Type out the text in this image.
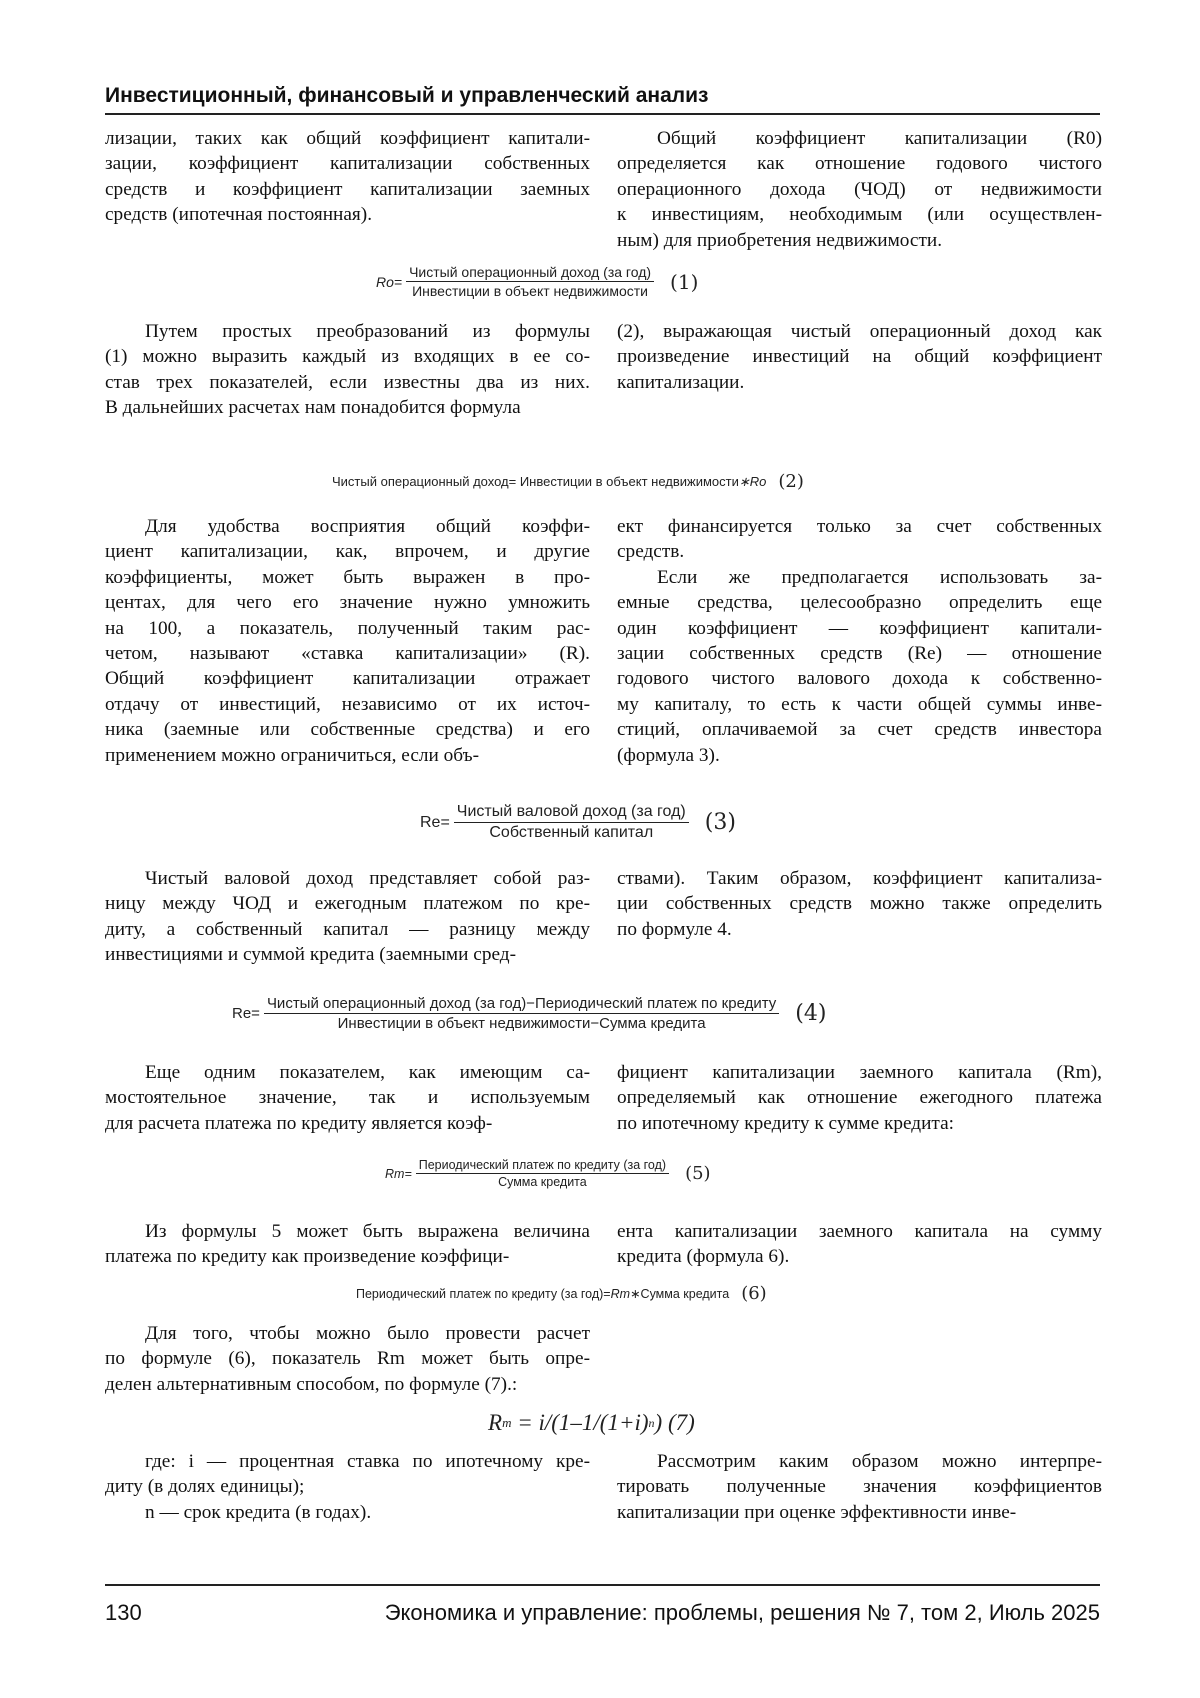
Инвестиционный, финансовый и управленческий анализ
лизации, таких как общий коэффициент капитали-
зации, коэффициент капитализации собственных
средств и коэффициент капитализации заемных
средств (ипотечная постоянная).
Общий коэффициент капитализации (R0)
определяется как отношение годового чистого
операционного дохода (ЧОД) от недвижимости
к инвестициям, необходимым (или осуществлен-
ным) для приобретения недвижимости.
Ro=
Чистый операционный доход (за год)
Инвестиции в объект недвижимости (1)
Путем простых преобразований из формулы
(1) можно выразить каждый из входящих в ее со-
став трех показателей, если известны два из них.
В дальнейших расчетах нам понадобится формула
(2), выражающая чистый операционный доход как
произведение инвестиций на общий коэффициент
капитализации.
Чистый операционный доход= Инвестиции в объект недвижимости ∗Ro (2)
Для удобства восприятия общий коэффи-
циент капитализации, как, впрочем, и другие
коэффициенты, может быть выражен в про-
центах, для чего его значение нужно умножить
на 100, а показатель, полученный таким рас-
четом, называют «ставка капитализации» (R).
Общий коэффициент капитализации отражает
отдачу от инвестиций, независимо от их источ-
ника (заемные или собственные средства) и его
применением можно ограничиться, если объ-
ект финансируется только за счет собственных
средств.
Если же предполагается использовать за-
емные средства, целесообразно определить еще
один коэффициент — коэффициент капитали-
зации собственных средств (Re) — отношение
годового чистого валового дохода к собственно-
му капиталу, то есть к части общей суммы инве-
стиций, оплачиваемой за счет средств инвестора
(формула 3).
Re=
Чистый валовой доход (за год)
Собственный капитал (3)
Чистый валовой доход представляет собой раз-
ницу между ЧОД и ежегодным платежом по кре-
диту, а собственный капитал — разницу между
инвестициями и суммой кредита (заемными сред-
ствами). Таким образом, коэффициент капитализа-
ции собственных средств можно также определить
по формуле 4.
Re=
Чистый операционный доход (за год)−Периодический платеж по кредиту
Инвестиции в объект недвижимости−Сумма кредита	(4)
Еще одним показателем, как имеющим са-
мостоятельное значение, так и используемым
для расчета платежа по кредиту является коэф-
фициент капитализации заемного капитала (Rm),
определяемый как отношение ежегодного платежа
по ипотечному кредиту к сумме кредита:
Rm=
Периодический платеж по кредиту (за год)
Сумма кредита	(5)
Из формулы 5 может быть выражена величина
платежа по кредиту как произведение коэффици-
ента капитализации заемного капитала на сумму
кредита (формула 6).
Периодический платеж по кредиту (за год)= Rm ∗Сумма кредита (6)
Для того, чтобы можно было провести расчет
по формуле (6), показатель Rm может быть опре-
делен альтернативным способом, по формуле (7).:
R m = i/(1–1/(1+i) n ) (7)
где: i — процентная ставка по ипотечному кре-
диту (в долях единицы);
n — срок кредита (в годах).
Рассмотрим каким образом можно интерпре-
тировать полученные значения коэффициентов
капитализации при оценке эффективности инве-
130	Экономика и управление: проблемы, решения № 7, том 2, Июль 2025
